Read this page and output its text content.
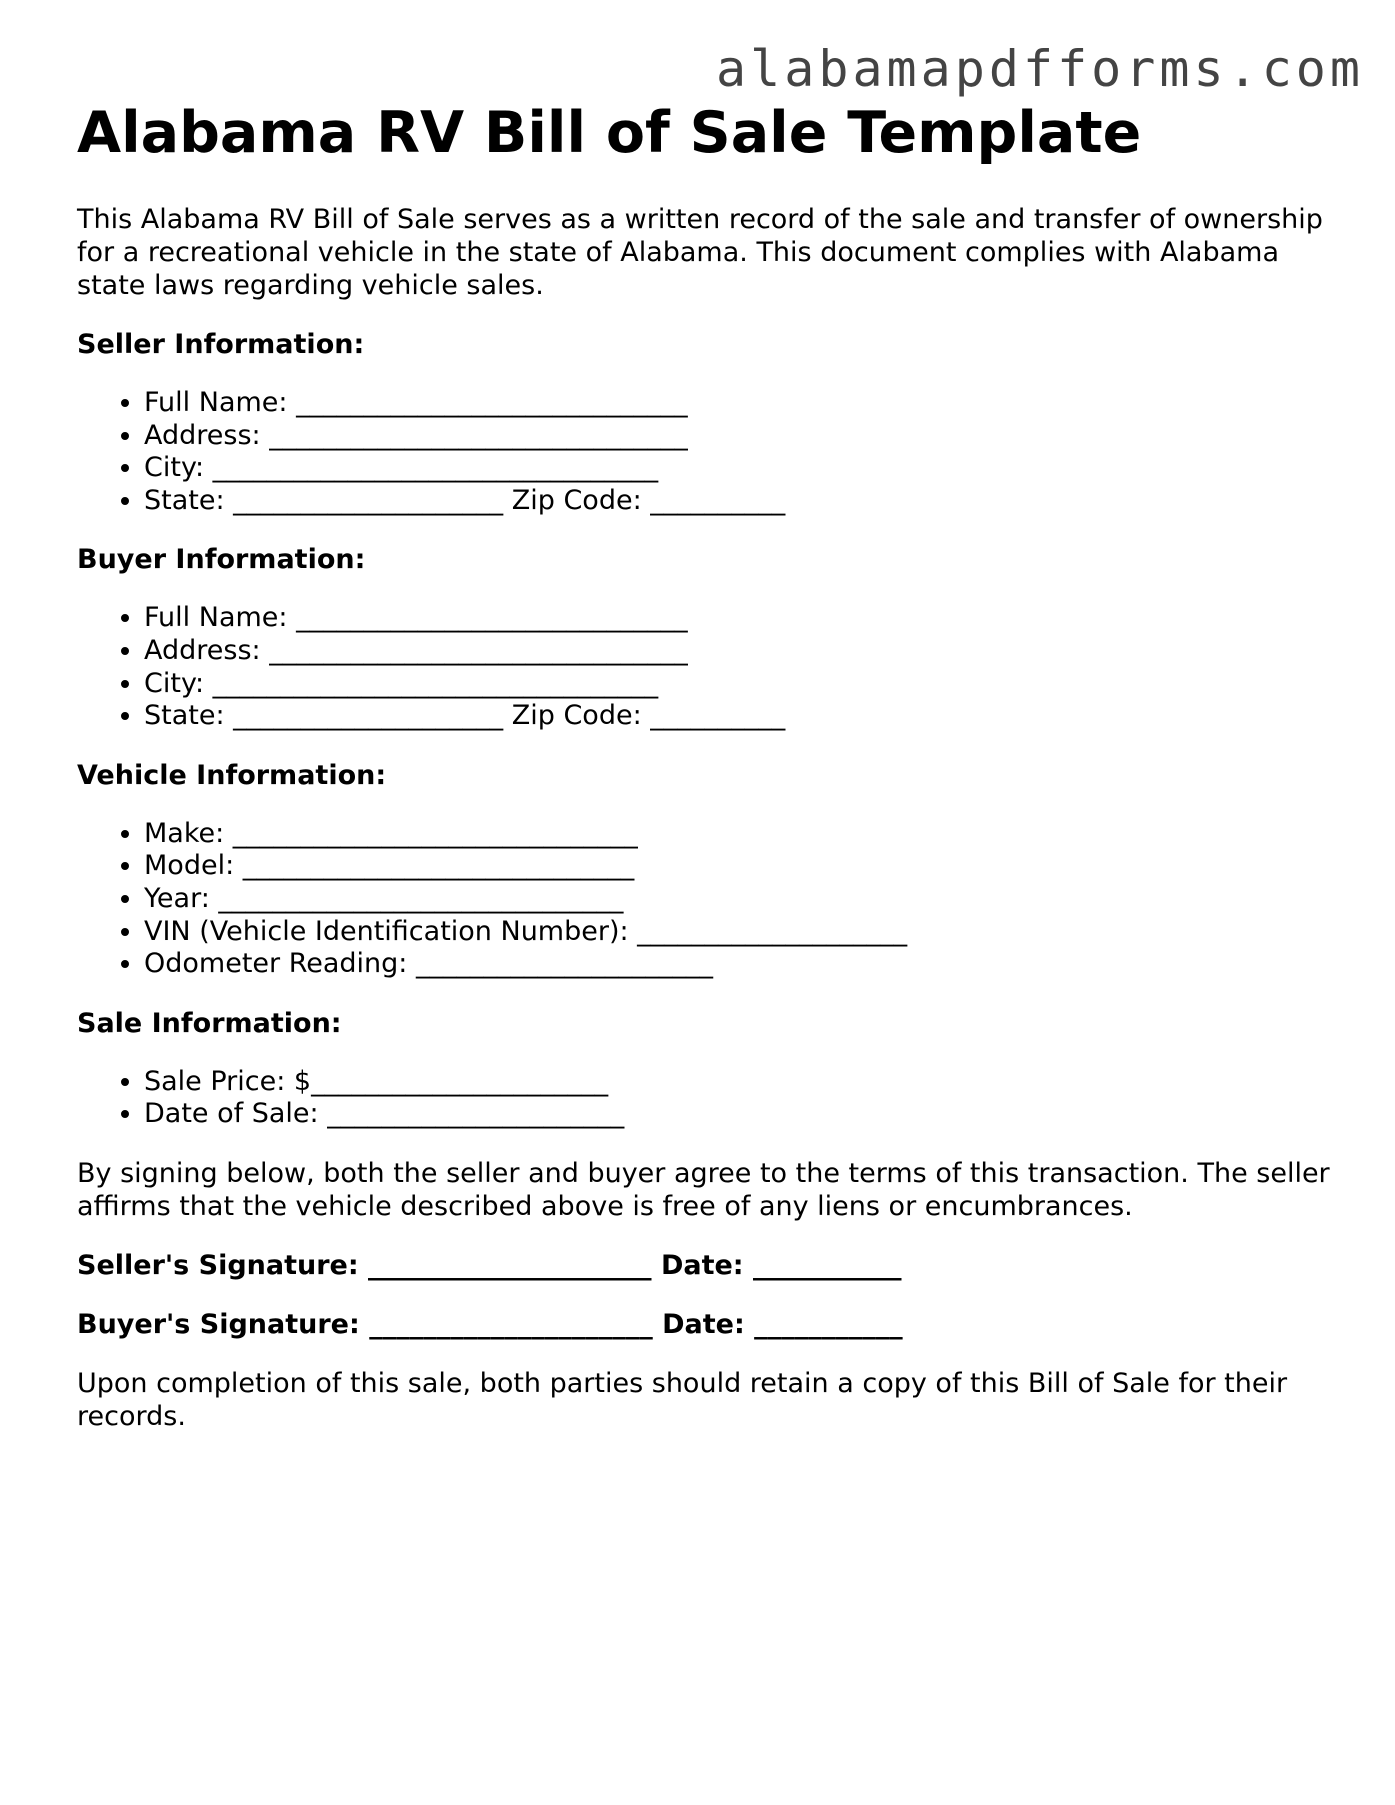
alabamapdfforms.com
Alabama RV Bill of Sale Template

This Alabama RV Bill of Sale serves as a written record of the sale and transfer of ownership for a recreational vehicle in the state of Alabama. This document complies with Alabama state laws regarding vehicle sales.

Seller Information:
• Full Name: _____________________________
• Address: _______________________________
• City: _________________________________
• State: ____________________ Zip Code: __________
Buyer Information:
• Full Name: _____________________________
• Address: _______________________________
• City: _________________________________
• State: ____________________ Zip Code: __________
Vehicle Information:
• Make: ______________________________
• Model: _____________________________
• Year: ______________________________
• VIN (Vehicle Identification Number): ____________________
• Odometer Reading: ______________________
Sale Information:
• Sale Price: $______________________
• Date of Sale: ______________________

By signing below, both the seller and buyer agree to the terms of this transaction. The seller affirms that the vehicle described above is free of any liens or encumbrances.

Seller's Signature: _____________________ Date: ___________
Buyer's Signature: _____________________ Date: ___________

Upon completion of this sale, both parties should retain a copy of this Bill of Sale for their records.
